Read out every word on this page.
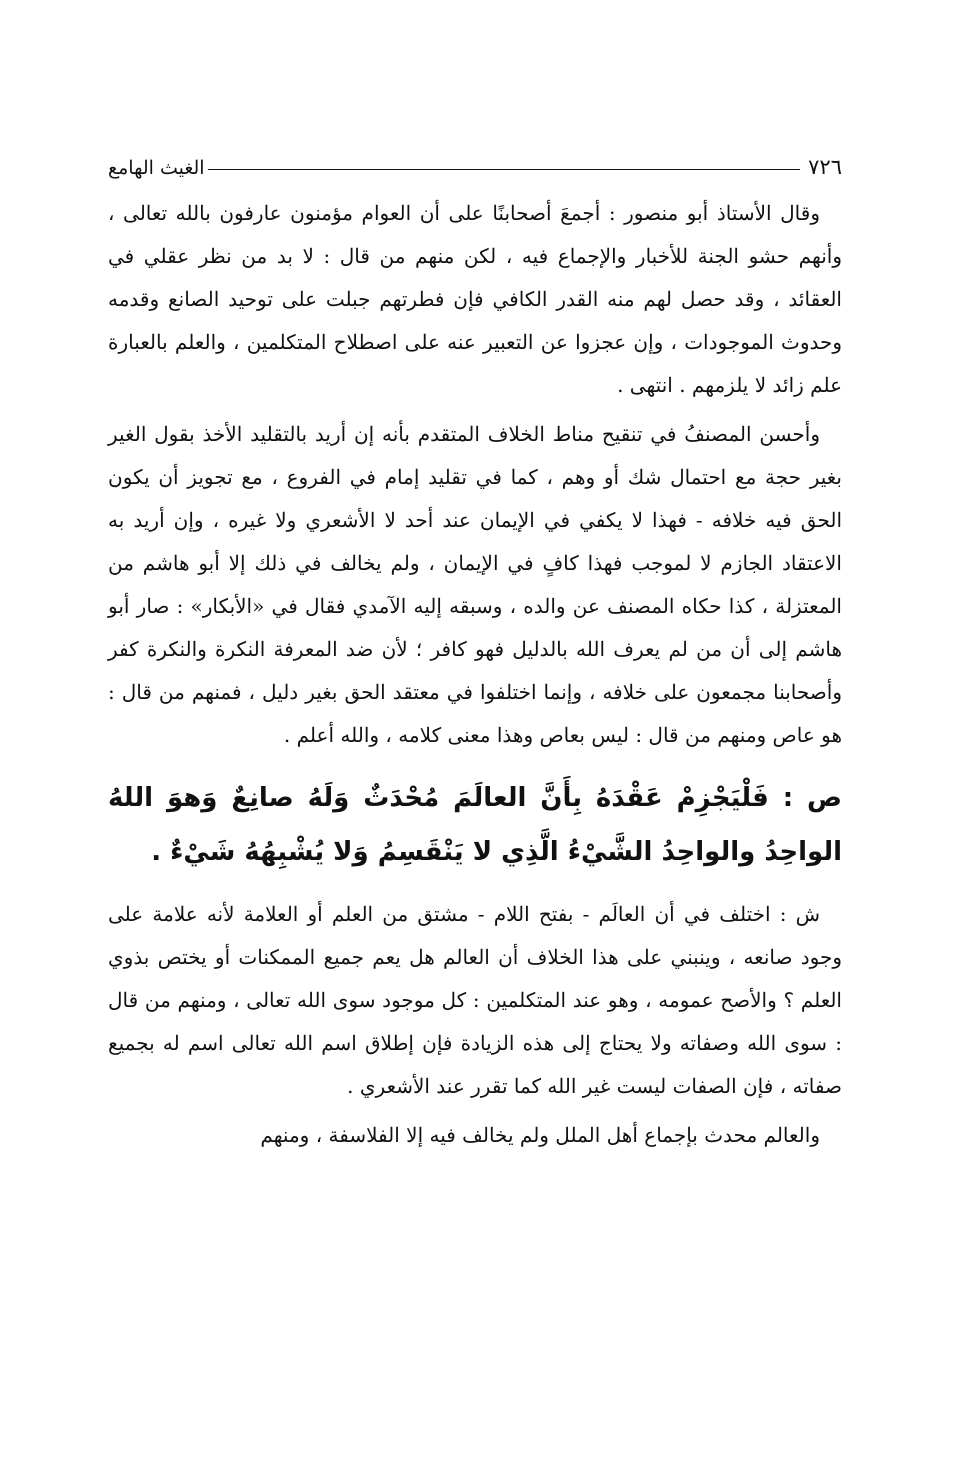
٧٢٦
الغيث الهامع

وقال الأستاذ أبو منصور : أجمعَ أصحابنًا على أن العوام مؤمنون عارفون بالله تعالى ، وأنهم حشو الجنة للأخبار والإجماع فيه ، لكن منهم من قال : لا بد من نظر عقلي في العقائد ، وقد حصل لهم منه القدر الكافي فإن فطرتهم جبلت على توحيد الصانع وقدمه وحدوث الموجودات ، وإن عجزوا عن التعبير عنه على اصطلاح المتكلمين ، والعلم بالعبارة علم زائد لا يلزمهم . انتهى .

وأحسن المصنفُ في تنقيح مناط الخلاف المتقدم بأنه إن أريد بالتقليد الأخذ بقول الغير بغير حجة مع احتمال شك أو وهم ، كما في تقليد إمام في الفروع ، مع تجويز أن يكون الحق فيه خلافه - فهذا لا يكفي في الإيمان عند أحد لا الأشعري ولا غيره ، وإن أريد به الاعتقاد الجازم لا لموجب فهذا كافٍ في الإيمان ، ولم يخالف في ذلك إلا أبو هاشم من المعتزلة ، كذا حكاه المصنف عن والده ، وسبقه إليه الآمدي فقال في «الأبكار» : صار أبو هاشم إلى أن من لم يعرف الله بالدليل فهو كافر ؛ لأن ضد المعرفة النكرة والنكرة كفر وأصحابنا مجمعون على خلافه ، وإنما اختلفوا في معتقد الحق بغير دليل ، فمنهم من قال : هو عاص ومنهم من قال : ليس بعاص وهذا معنى كلامه ، والله أعلم .

ص : فَلْيَجْزِمْ عَقْدَهُ بِأَنَّ العالَمَ مُحْدَثٌ وَلَهُ صانِعٌ وَهوَ اللهُ الواحِدُ والواحِدُ الشَّيْءُ الَّذِي لا يَنْقَسِمُ وَلا يُشْبِهُهُ شَيْءٌ .

ش : اختلف في أن العالَم - بفتح اللام - مشتق من العلم أو العلامة لأنه علامة على وجود صانعه ، وينبني على هذا الخلاف أن العالم هل يعم جميع الممكنات أو يختص بذوي العلم ؟ والأصح عمومه ، وهو عند المتكلمين : كل موجود سوى الله تعالى ، ومنهم من قال : سوى الله وصفاته ولا يحتاج إلى هذه الزيادة فإن إطلاق اسم الله تعالى اسم له بجميع صفاته ، فإن الصفات ليست غير الله كما تقرر عند الأشعري .

والعالم محدث بإجماع أهل الملل ولم يخالف فيه إلا الفلاسفة ، ومنهم
